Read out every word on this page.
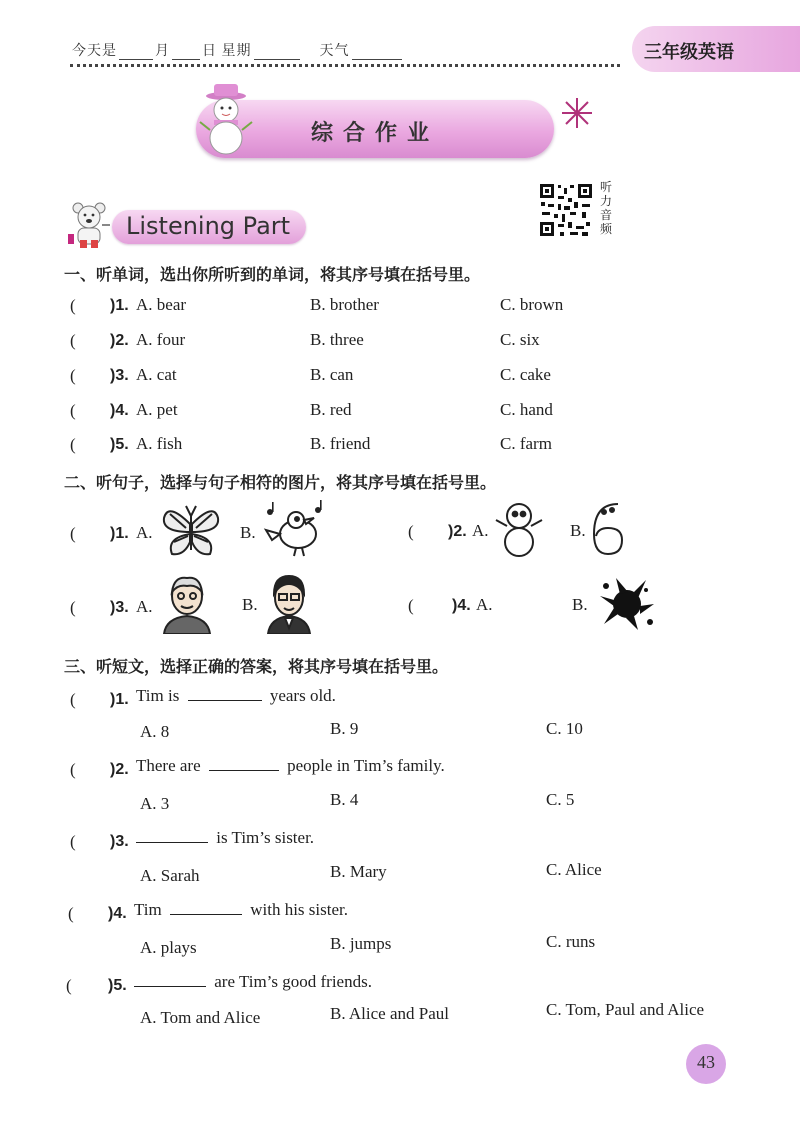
今天是	月 日 星期	天气	三年级英语
综合作业
听力音频
Listening Part
一、听单词，选出你所听到的单词，将其序号填在括号里。
( )1. A. bear	B. brother	C. brown
( )2. A. four	B. three	C. six
( )3. A. cat	B. can	C. cake
( )4. A. pet	B. red	C. hand
( )5. A. fish	B. friend	C. farm
二、听句子，选择与句子相符的图片，将其序号填在括号里。
( )1. A.	B.	( )2. A.	B.
( )3. A.	B.	( )4. A.	B.
三、听短文，选择正确的答案，将其序号填在括号里。
( )1. Tim is	years old.
A. 8	B. 9	C. 10
( )2. There are	people in Tim’s family.
A. 3	B. 4	C. 5
( )3.	is Tim’s sister.
A. Sarah	B. Mary	C. Alice
( )4. Tim	with his sister.
A. plays	B. jumps	C. runs
( )5.	are Tim’s good friends.
A. Tom and Alice	B. Alice and Paul	C. Tom, Paul and Alice
43
